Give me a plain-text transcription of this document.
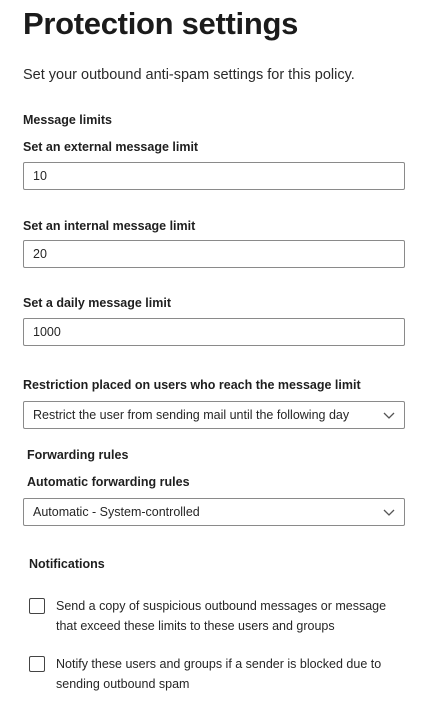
Protection settings
Set your outbound anti-spam settings for this policy.
Message limits
Set an external message limit
10
Set an internal message limit
20
Set a daily message limit
1000
Restriction placed on users who reach the message limit
Restrict the user from sending mail until the following day
Forwarding rules
Automatic forwarding rules
Automatic - System-controlled
Notifications
Send a copy of suspicious outbound messages or message that exceed these limits to these users and groups
Notify these users and groups if a sender is blocked due to sending outbound spam
